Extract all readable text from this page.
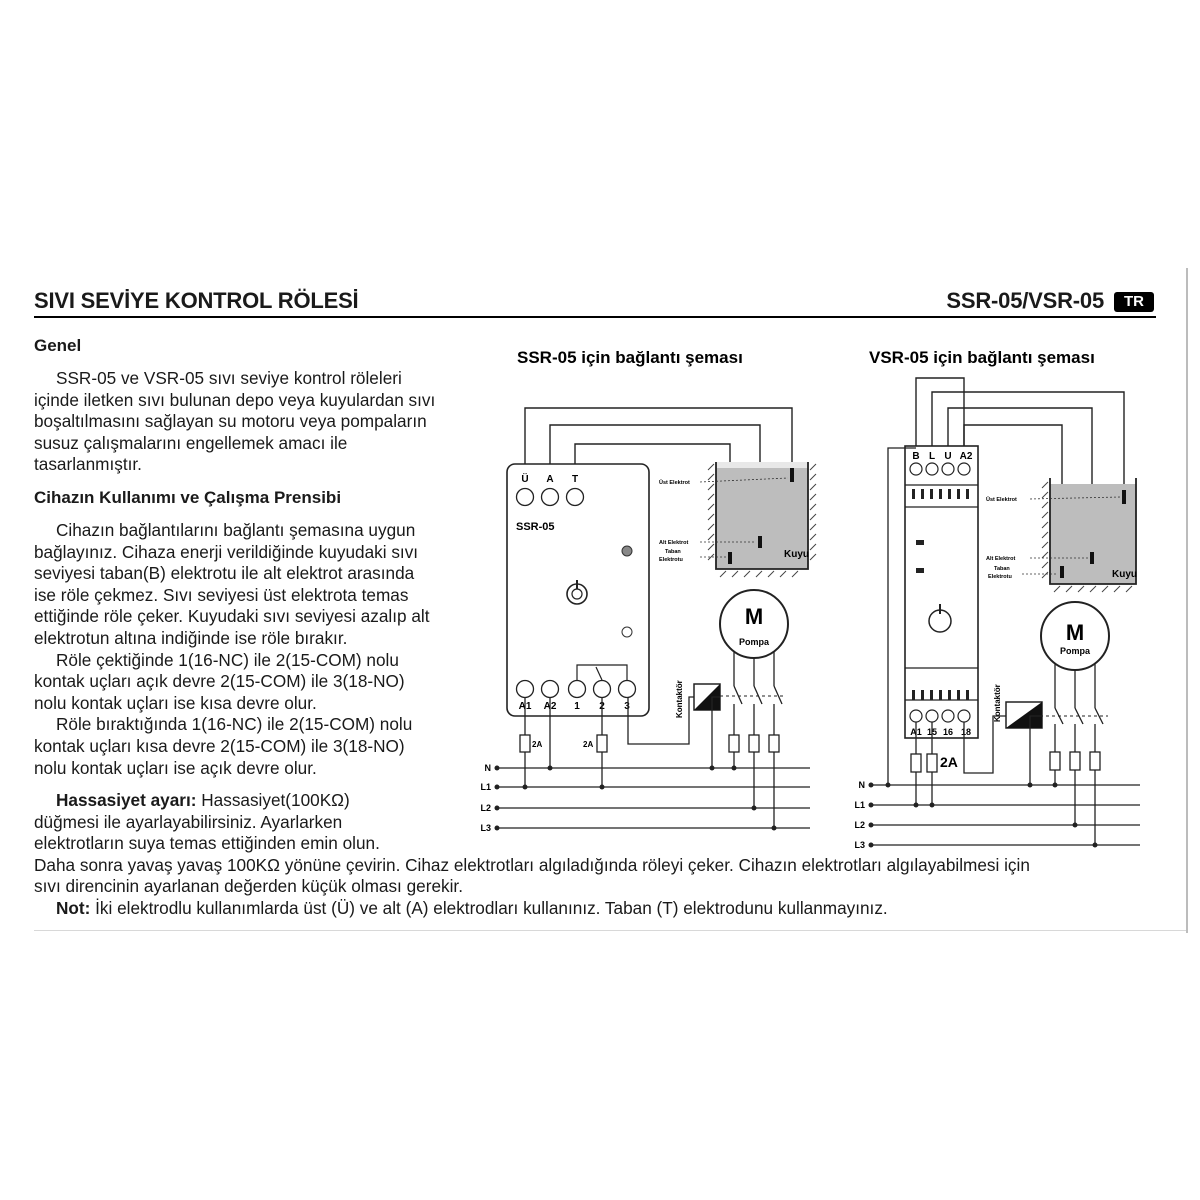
SIVI SEVİYE KONTROL RÖLESİ	SSR-05/VSR-05	TR
Genel
SSR-05 ve VSR-05 sıvı seviye kontrol röleleri
içinde iletken sıvı bulunan depo veya kuyulardan sıvı
boşaltılmasını sağlayan su motoru veya pompaların
susuz çalışmalarını engellemek amacı ile
tasarlanmıştır.
Cihazın Kullanımı ve Çalışma Prensibi
Cihazın bağlantılarını bağlantı şemasına uygun
bağlayınız. Cihaza enerji verildiğinde kuyudaki sıvı
seviyesi taban(B) elektrotu ile alt elektrot arasında
ise röle çekmez. Sıvı seviyesi üst elektrota temas
ettiğinde röle çeker. Kuyudaki sıvı seviyesi azalıp alt
elektrotun altına indiğinde ise röle bırakır.
Röle çektiğinde 1(16-NC) ile 2(15-COM) nolu
kontak uçları açık devre 2(15-COM) ile 3(18-NO)
nolu kontak uçları ise kısa devre olur.
Röle bıraktığında 1(16-NC) ile 2(15-COM) nolu
kontak uçları kısa devre 2(15-COM) ile 3(18-NO)
nolu kontak uçları ise açık devre olur.
Hassasiyet ayarı: Hassasiyet(100KΩ)
düğmesi ile ayarlayabilirsiniz. Ayarlarken
elektrotların suya temas ettiğinden emin olun.
Daha sonra yavaş yavaş 100KΩ yönüne çevirin. Cihaz elektrotları algıladığında röleyi çeker. Cihazın elektrotları algılayabilmesi için
sıvı direncinin ayarlanan değerden küçük olması gerekir.
Not: İki elektrodlu kullanımlarda üst (Ü) ve alt (A) elektrodları kullanınız. Taban (T) elektrodunu kullanmayınız.
SSR-05 için bağlantı şeması
Ü A T
SSR-05
A1 A2 1 2 3
Kuyu
Üst Elektrot
Alt Elektrot
Taban
Elektrotu
M
Pompa
Kontaktör
2A	2A
N
L1
L2
L3
VSR-05 için bağlantı şeması
B L U A2
A1 15 16 18
Kuyu
Üst Elektrot
Alt Elektrot
Taban
Elektrotu
M
Pompa
Kontaktör
2A
N
L1
L2
L3
